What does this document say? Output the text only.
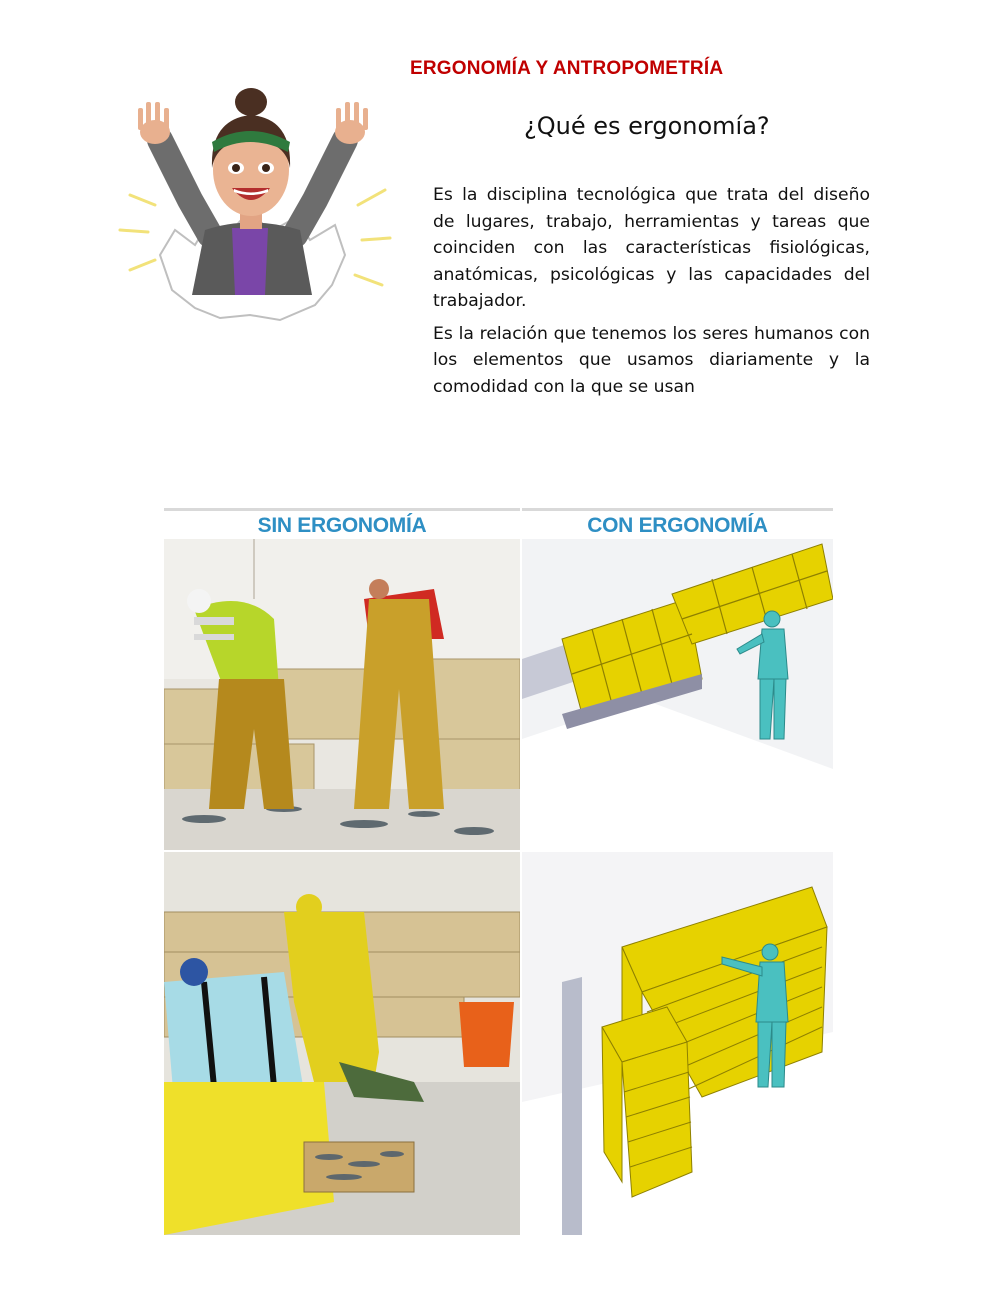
ERGONOMÍA Y ANTROPOMETRÍA
¿Qué es ergonomía?

Es la disciplina tecnológica que trata del diseño de lugares, trabajo, herramientas y tareas que coinciden con las características fisiológicas, anatómicas, psicológicas y las capacidades del trabajador.

Es la relación que tenemos los seres humanos con los elementos que usamos diariamente y la comodidad con la que se usan

SIN ERGONOMÍA	CON ERGONOMÍA
